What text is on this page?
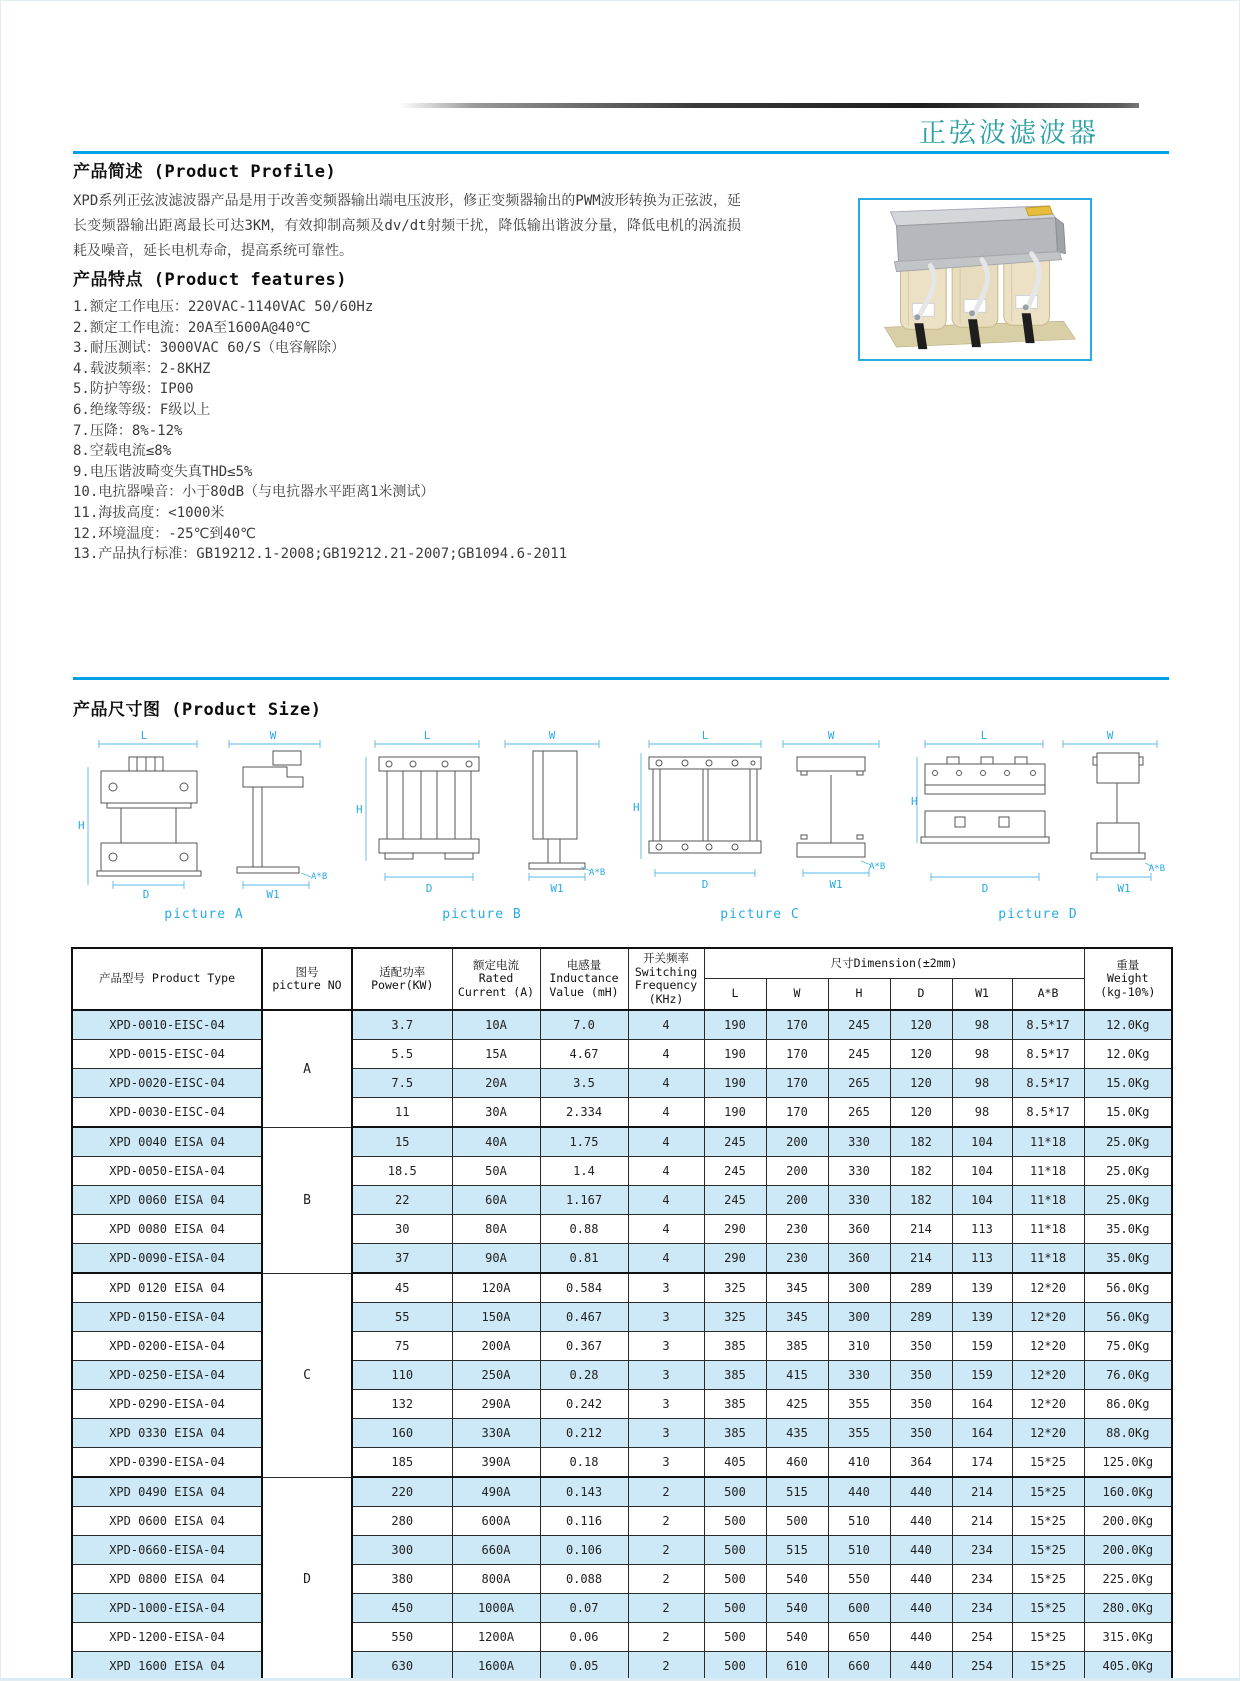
正弦波滤波器
产品简述 (Product Profile)
XPD系列正弦波滤波器产品是用于改善变频器输出端电压波形，修正变频器输出的PWM波形转换为正弦波，延长变频器输出距离最长可达3KM，有效抑制高频及dv/dt射频干扰，降低输出谐波分量，降低电机的涡流损耗及噪音，延长电机寿命，提高系统可靠性。
产品特点 (Product features)
1.额定工作电压：220VAC-1140VAC 50/60Hz
2.额定工作电流：20A至1600A@40℃
3.耐压测试：3000VAC 60/S（电容解除）
4.载波频率：2-8KHZ
5.防护等级：IP00
6.绝缘等级：F级以上
7.压降：8%-12%
8.空载电流≤8%
9.电压谐波畸变失真THD≤5%
10.电抗器噪音：小于80dB（与电抗器水平距离1米测试）
11.海拔高度：<1000米
12.环境温度：-25℃到40℃
13.产品执行标准：GB19212.1-2008;GB19212.21-2007;GB1094.6-2011
产品尺寸图 (Product Size)
L
H
D
W
W1
A*B
picture A
L
H
D
W
W1
A*B
picture B
L
H
D
W
W1
A*B
picture C
L
H
D
W
W1
A*B
picture D
产品型号 Product Type	图号
picture NO

适配功率
Power(KW)

额定电流
Rated
Current (A)

电感量
Inductance
Value (mH)

开关频率
Switching
Frequency
(KHz)

尺寸Dimension(±2mm)	重量
Weight
(kg-10%)

						L	W	H	D	W1	A*B	

XPD-0010-EISC-04	A	3.7	10A	7.0	4	190	170	245	120	98	8.5*17	12.0Kg
XPD-0015-EISC-04		5.5	15A	4.67	4	190	170	245	120	98	8.5*17	12.0Kg
XPD-0020-EISC-04		7.5	20A	3.5	4	190	170	265	120	98	8.5*17	15.0Kg
XPD-0030-EISC-04		11	30A	2.334	4	190	170	265	120	98	8.5*17	15.0Kg
XPD 0040 EISA 04	B	15	40A	1.75	4	245	200	330	182	104	11*18	25.0Kg
XPD-0050-EISA-04		18.5	50A	1.4	4	245	200	330	182	104	11*18	25.0Kg
XPD 0060 EISA 04		22	60A	1.167	4	245	200	330	182	104	11*18	25.0Kg
XPD 0080 EISA 04		30	80A	0.88	4	290	230	360	214	113	11*18	35.0Kg
XPD-0090-EISA-04		37	90A	0.81	4	290	230	360	214	113	11*18	35.0Kg
XPD 0120 EISA 04	C	45	120A	0.584	3	325	345	300	289	139	12*20	56.0Kg
XPD-0150-EISA-04		55	150A	0.467	3	325	345	300	289	139	12*20	56.0Kg
XPD-0200-EISA-04		75	200A	0.367	3	385	385	310	350	159	12*20	75.0Kg
XPD-0250-EISA-04		110	250A	0.28	3	385	415	330	350	159	12*20	76.0Kg
XPD-0290-EISA-04		132	290A	0.242	3	385	425	355	350	164	12*20	86.0Kg
XPD 0330 EISA 04		160	330A	0.212	3	385	435	355	350	164	12*20	88.0Kg
XPD-0390-EISA-04		185	390A	0.18	3	405	460	410	364	174	15*25	125.0Kg
XPD 0490 EISA 04	D	220	490A	0.143	2	500	515	440	440	214	15*25	160.0Kg
XPD 0600 EISA 04		280	600A	0.116	2	500	500	510	440	214	15*25	200.0Kg
XPD-0660-EISA-04		300	660A	0.106	2	500	515	510	440	234	15*25	200.0Kg
XPD 0800 EISA 04		380	800A	0.088	2	500	540	550	440	234	15*25	225.0Kg
XPD-1000-EISA-04		450	1000A	0.07	2	500	540	600	440	234	15*25	280.0Kg
XPD-1200-EISA-04		550	1200A	0.06	2	500	540	650	440	254	15*25	315.0Kg
XPD 1600 EISA 04		630	1600A	0.05	2	500	610	660	440	254	15*25	405.0Kg
